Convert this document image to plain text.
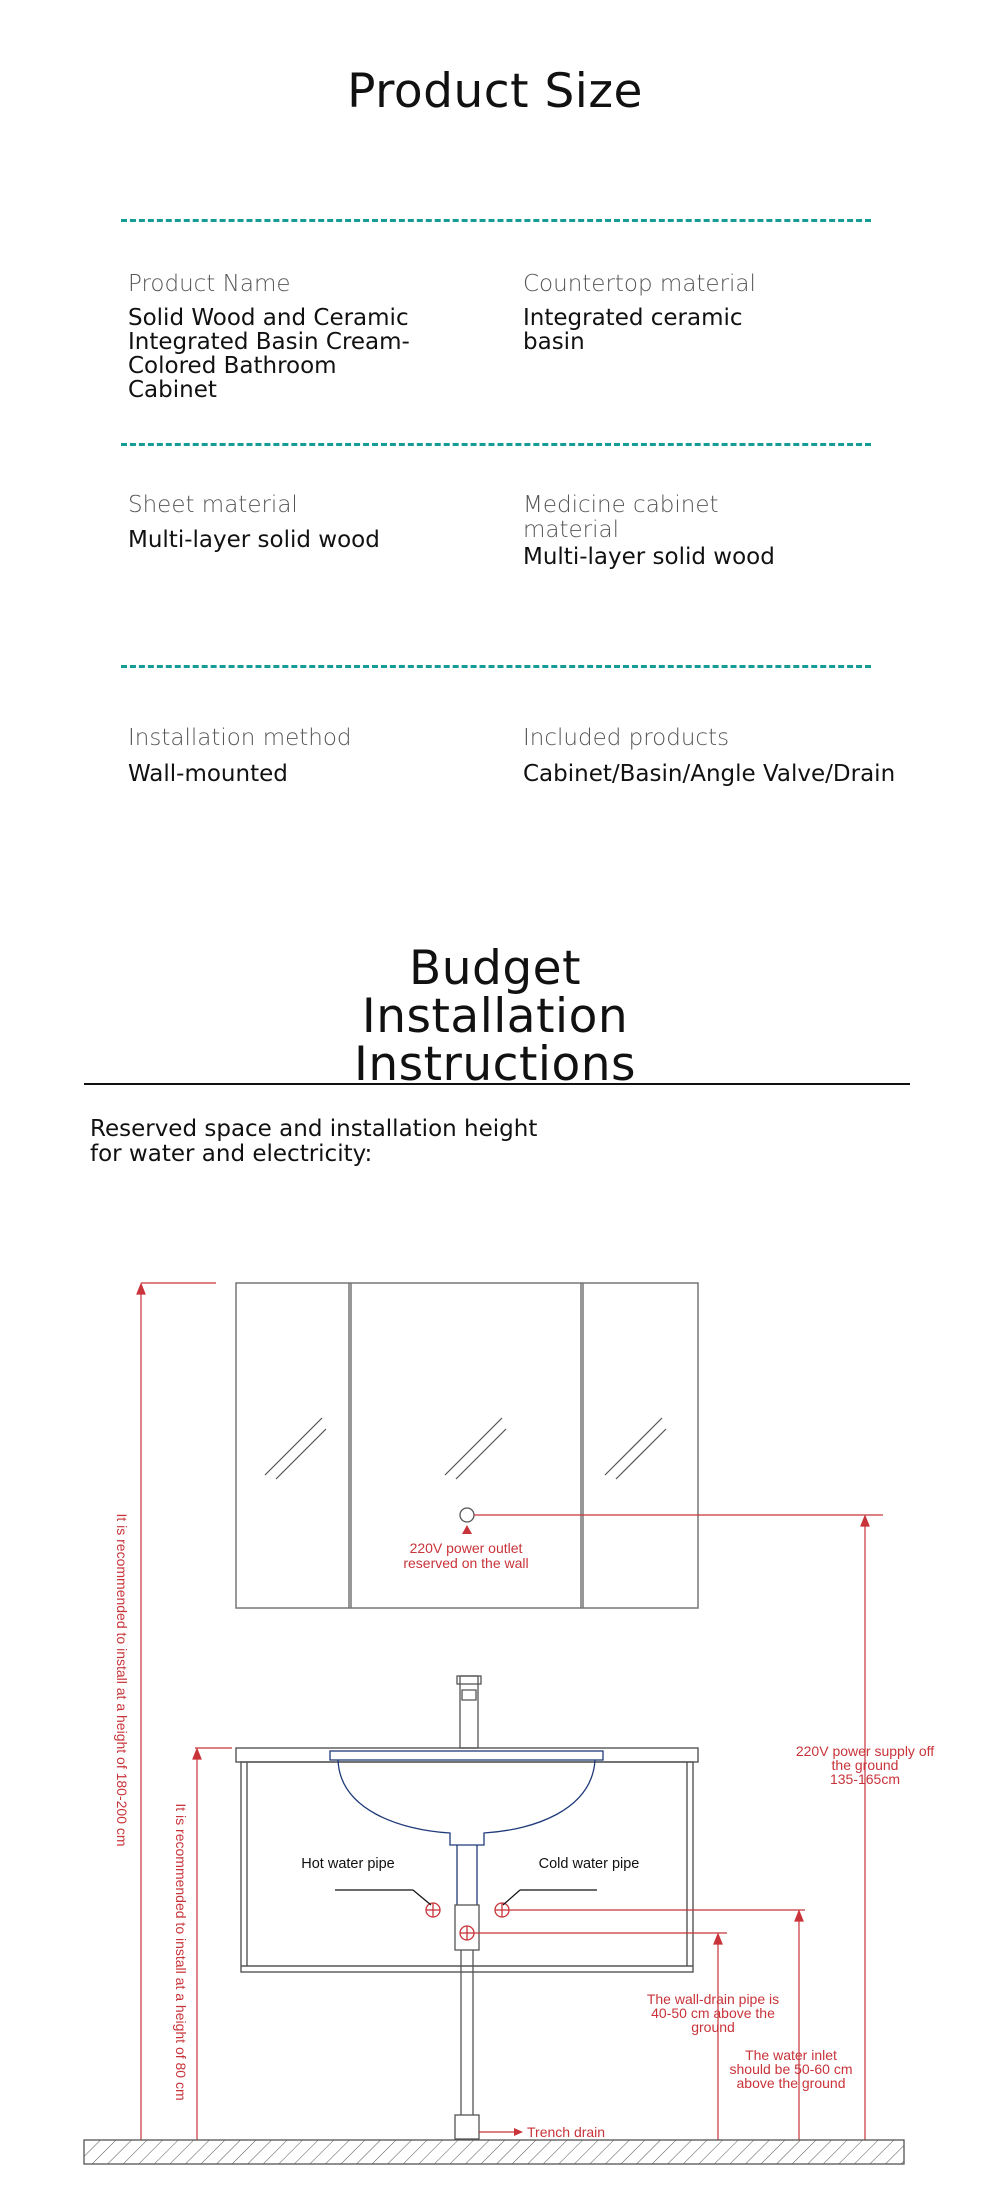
Product Size
Product Name
Solid Wood and Ceramic Integrated Basin Cream-Colored Bathroom Cabinet
Countertop material
Integrated ceramic basin
Sheet material
Multi-layer solid wood
Medicine cabinet material
Multi-layer solid wood
Installation method
Wall-mounted
Included products
Cabinet/Basin/Angle Valve/Drain
Budget Installation Instructions
Reserved space and installation height for water and electricity:
220V power outlet reserved on the wall
Hot water pipe	Cold water pipe
220V power supply off the ground 135-165cm
The wall-drain pipe is 40-50 cm above the ground
The water inlet should be 50-60 cm above the ground
Trench drain
It is recommended to install at a height of 180-200 cm
It is recommended to install at a height of 80 cm
